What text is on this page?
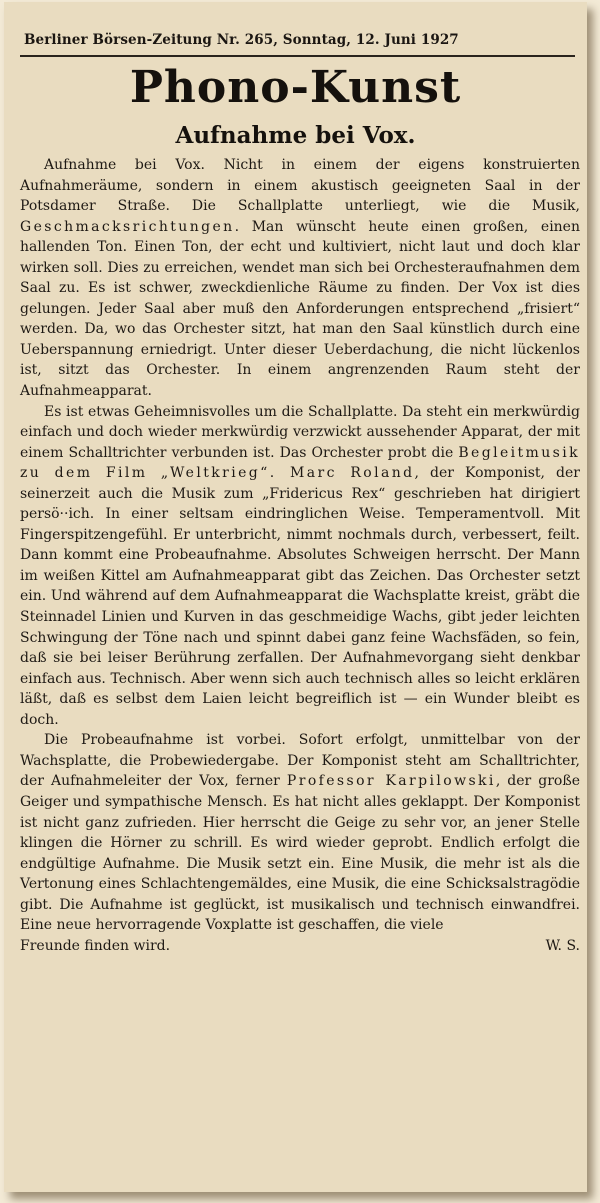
Berliner Börsen-Zeitung Nr. 265, Sonntag, 12. Juni 1927
Phono-Kunst
Aufnahme bei Vox.

Aufnahme bei Vox. Nicht in einem der eigens konstruierten Aufnahmeräume, sondern in einem akustisch geeigneten Saal in der Potsdamer Straße. Die Schallplatte unterliegt, wie die Musik, Geschmacksrichtungen. Man wünscht heute einen großen, einen hallenden Ton. Einen Ton, der echt und kultiviert, nicht laut und doch klar wirken soll. Dies zu erreichen, wendet man sich bei Orchesteraufnahmen dem Saal zu. Es ist schwer, zweckdienliche Räume zu finden. Der Vox ist dies gelungen. Jeder Saal aber muß den Anforderungen entsprechend „frisiert“ werden. Da, wo das Orchester sitzt, hat man den Saal künstlich durch eine Ueberspannung erniedrigt. Unter dieser Ueberdachung, die nicht lückenlos ist, sitzt das Orchester. In einem angrenzenden Raum steht der Aufnahmeapparat.

Es ist etwas Geheimnisvolles um die Schallplatte. Da steht ein merkwürdig einfach und doch wieder merkwürdig verzwickt aussehender Apparat, der mit einem Schalltrichter verbunden ist. Das Orchester probt die Begleitmusik zu dem Film „Weltkrieg“. Marc Roland, der Komponist, der seinerzeit auch die Musik zum „Fridericus Rex“ geschrieben hat dirigiert persö··ich. In einer seltsam eindringlichen Weise. Temperamentvoll. Mit Fingerspitzengefühl. Er unterbricht, nimmt nochmals durch, verbessert, feilt. Dann kommt eine Probeaufnahme. Absolutes Schweigen herrscht. Der Mann im weißen Kittel am Aufnahmeapparat gibt das Zeichen. Das Orchester setzt ein. Und während auf dem Aufnahmeapparat die Wachsplatte kreist, gräbt die Steinnadel Linien und Kurven in das geschmeidige Wachs, gibt jeder leichten Schwingung der Töne nach und spinnt dabei ganz feine Wachsfäden, so fein, daß sie bei leiser Berührung zerfallen. Der Aufnahmevorgang sieht denkbar einfach aus. Technisch. Aber wenn sich auch technisch alles so leicht erklären läßt, daß es selbst dem Laien leicht begreiflich ist — ein Wunder bleibt es doch.

Die Probeaufnahme ist vorbei. Sofort erfolgt, unmittelbar von der Wachsplatte, die Probewiedergabe. Der Komponist steht am Schalltrichter, der Aufnahmeleiter der Vox, ferner Professor Karpilowski, der große Geiger und sympathische Mensch. Es hat nicht alles geklappt. Der Komponist ist nicht ganz zufrieden. Hier herrscht die Geige zu sehr vor, an jener Stelle klingen die Hörner zu schrill. Es wird wieder geprobt. Endlich erfolgt die endgültige Aufnahme. Die Musik setzt ein. Eine Musik, die mehr ist als die Vertonung eines Schlachtengemäldes, eine Musik, die eine Schicksalstragödie gibt. Die Aufnahme ist geglückt, ist musikalisch und technisch einwandfrei. Eine neue hervorragende Voxplatte ist geschaffen, die viele

Freunde finden wird.	W. S.
